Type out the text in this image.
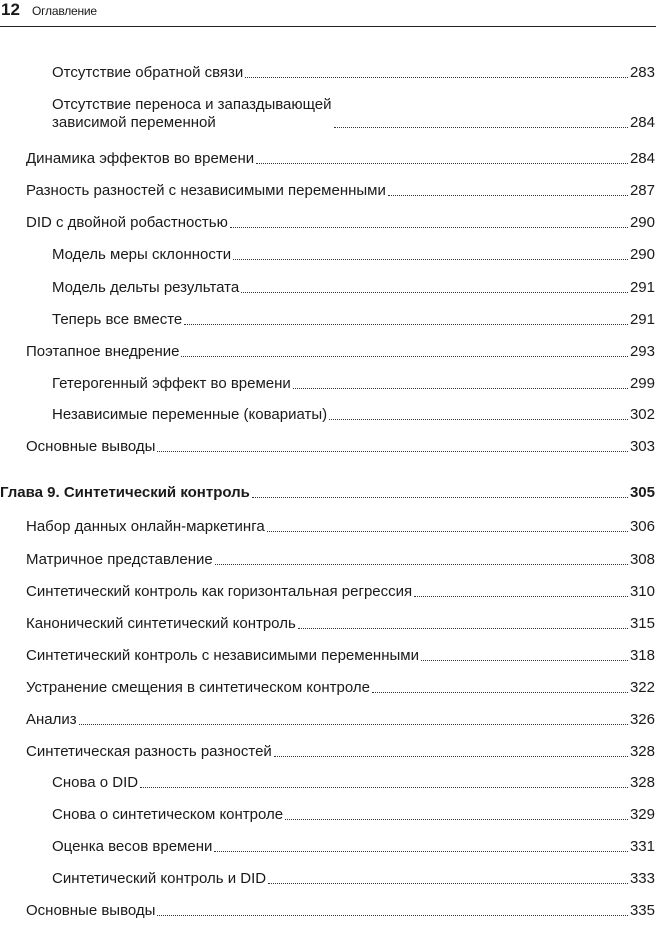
12 Оглавление
Отсутствие обратной связи	283
Отсутствие переноса и запаздывающей
зависимой переменной	284
Динамика эффектов во времени	284
Разность разностей с независимыми переменными	287
DID с двойной робастностью	290
Модель меры склонности	290
Модель дельты результата	291
Теперь все вместе	291
Поэтапное внедрение	293
Гетерогенный эффект во времени	299
Независимые переменные (ковариаты)	302
Основные выводы	303
Глава 9. Синтетический контроль	305
Набор данных онлайн-маркетинга	306
Матричное представление	308
Синтетический контроль как горизонтальная регрессия	310
Канонический синтетический контроль	315
Синтетический контроль с независимыми переменными	318
Устранение смещения в синтетическом контроле	322
Анализ	326
Синтетическая разность разностей	328
Снова о DID	328
Снова о синтетическом контроле	329
Оценка весов времени	331
Синтетический контроль и DID	333
Основные выводы	335
